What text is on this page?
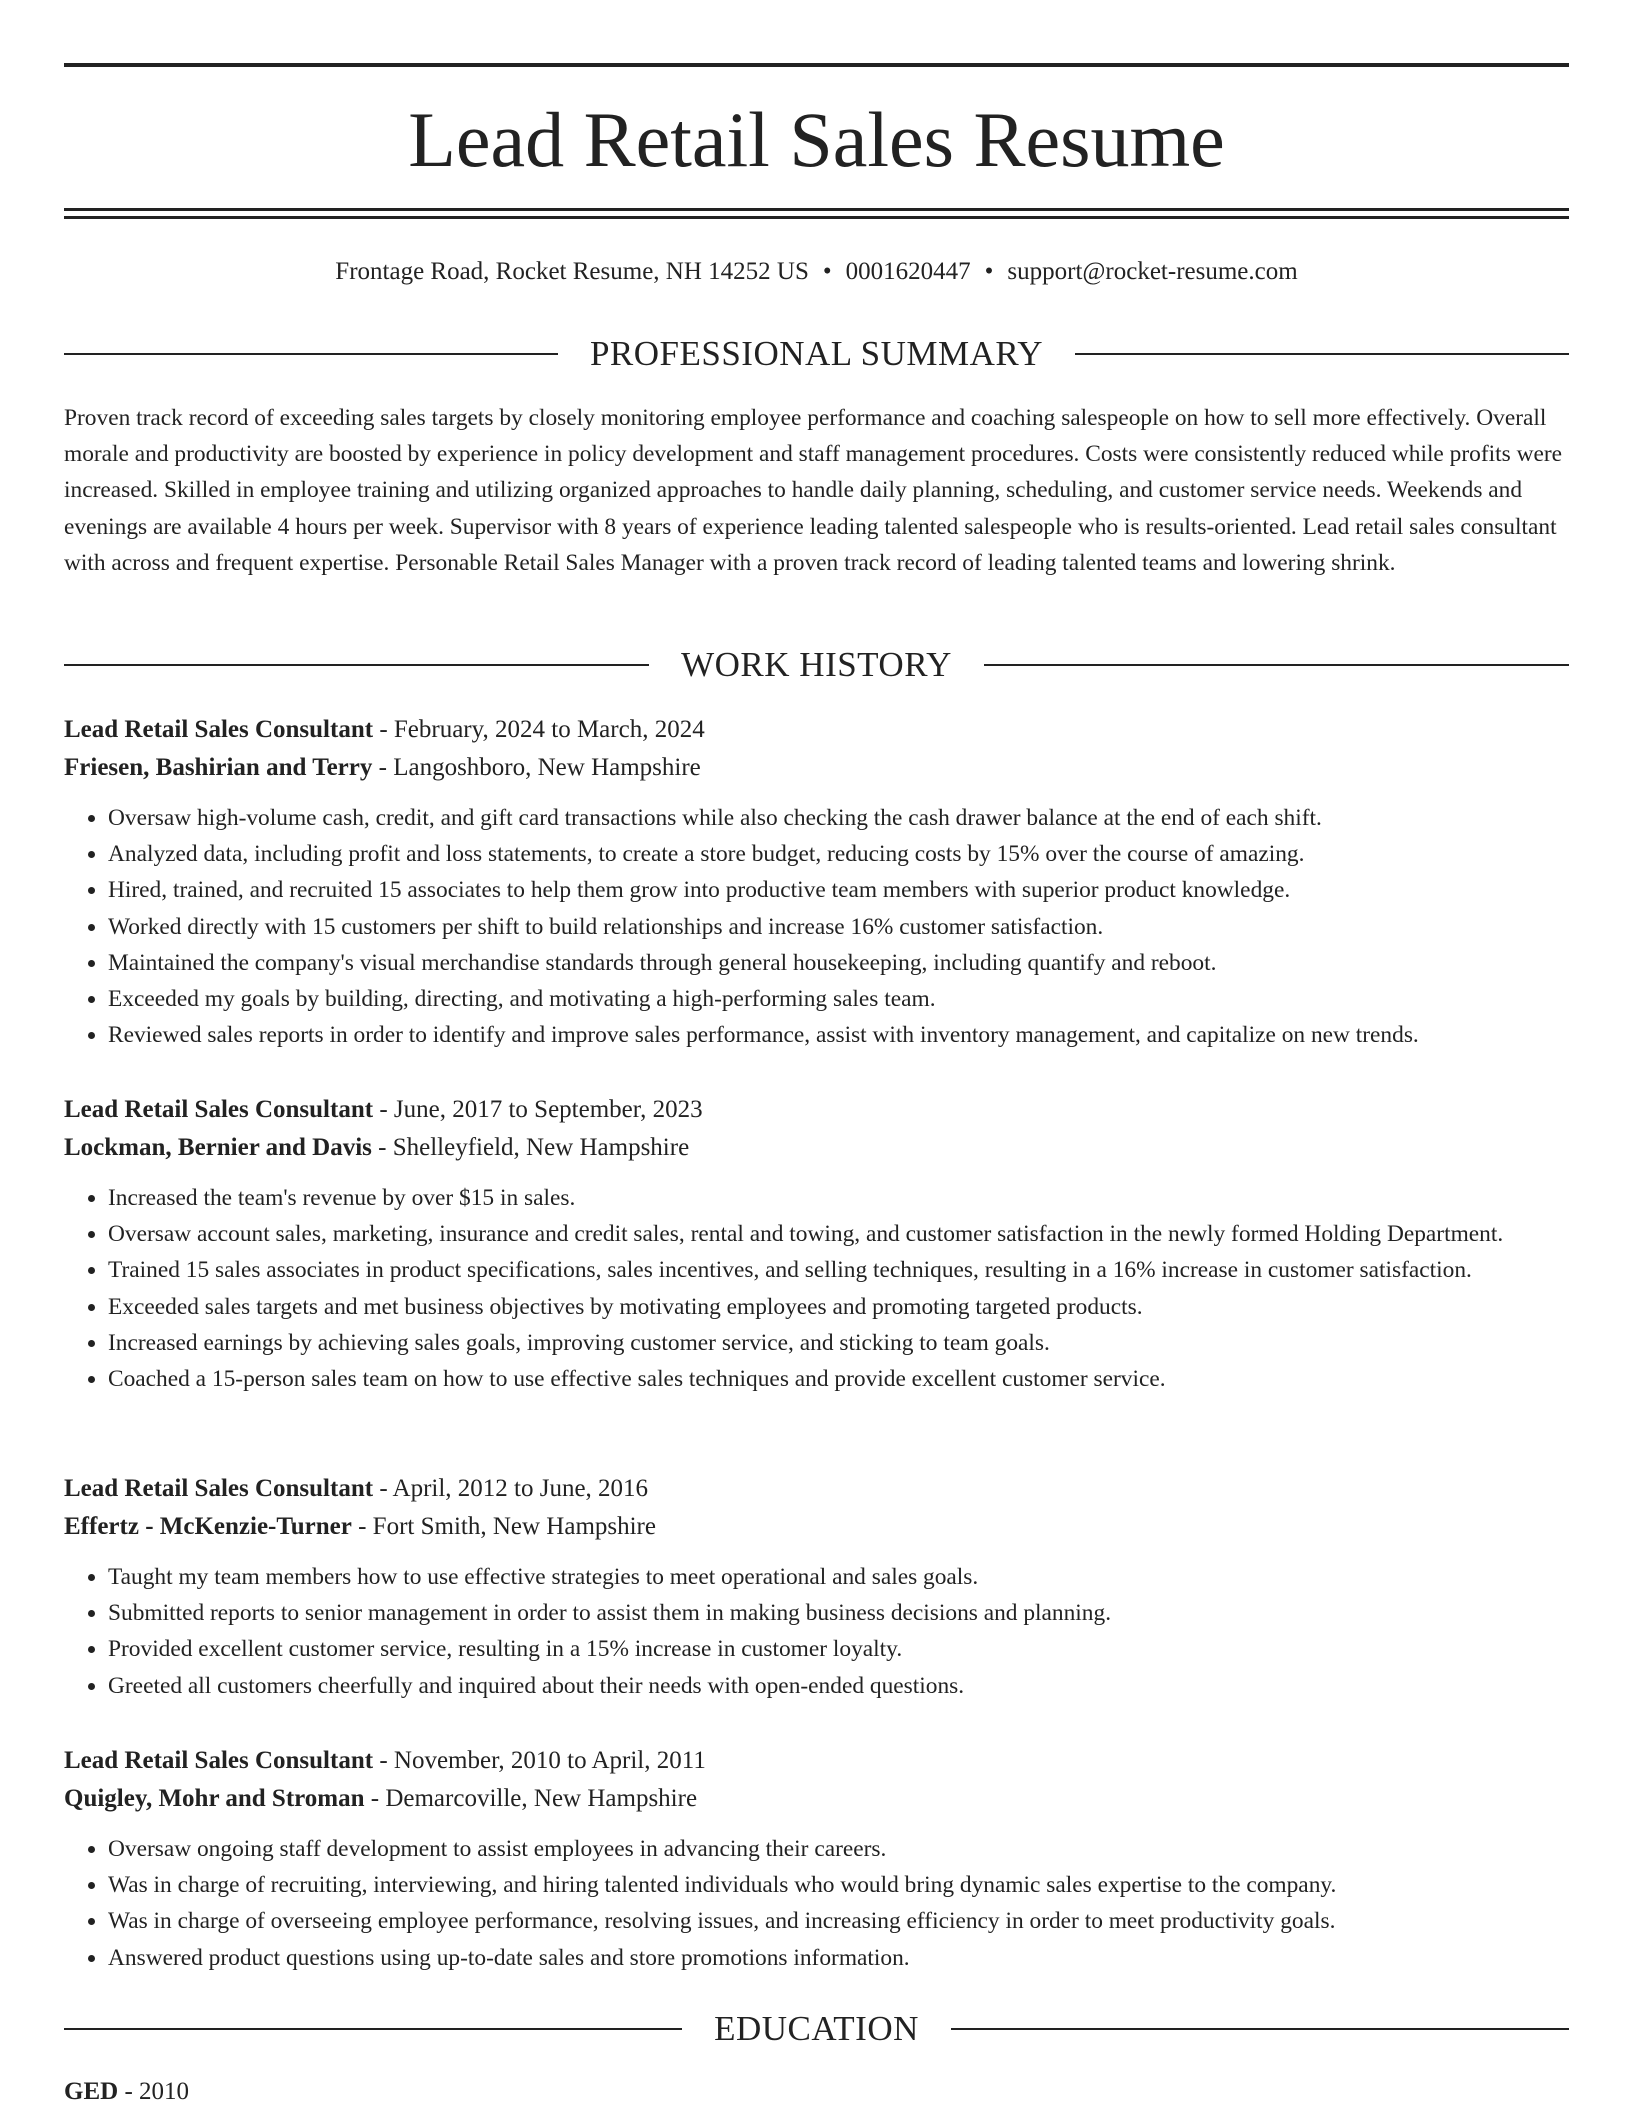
Lead Retail Sales Resume
Frontage Road, Rocket Resume, NH 14252 US • 0001620447 • support@rocket-resume.com
PROFESSIONAL SUMMARY

Proven track record of exceeding sales targets by closely monitoring employee performance and coaching salespeople on how to sell more effectively. Overall morale and productivity are boosted by experience in policy development and staff management procedures. Costs were consistently reduced while profits were increased. Skilled in employee training and utilizing organized approaches to handle daily planning, scheduling, and customer service needs. Weekends and evenings are available 4 hours per week. Supervisor with 8 years of experience leading talented salespeople who is results-oriented. Lead retail sales consultant with across and frequent expertise. Personable Retail Sales Manager with a proven track record of leading talented teams and lowering shrink.

WORK HISTORY
Lead Retail Sales Consultant - February, 2024 to March, 2024
Friesen, Bashirian and Terry - Langoshboro, New Hampshire
• Oversaw high-volume cash, credit, and gift card transactions while also checking the cash drawer balance at the end of each shift.
• Analyzed data, including profit and loss statements, to create a store budget, reducing costs by 15% over the course of amazing.
• Hired, trained, and recruited 15 associates to help them grow into productive team members with superior product knowledge.
• Worked directly with 15 customers per shift to build relationships and increase 16% customer satisfaction.
• Maintained the company's visual merchandise standards through general housekeeping, including quantify and reboot.
• Exceeded my goals by building, directing, and motivating a high-performing sales team.
• Reviewed sales reports in order to identify and improve sales performance, assist with inventory management, and capitalize on new trends.
Lead Retail Sales Consultant - June, 2017 to September, 2023
Lockman, Bernier and Davis - Shelleyfield, New Hampshire
• Increased the team's revenue by over $15 in sales.
• Oversaw account sales, marketing, insurance and credit sales, rental and towing, and customer satisfaction in the newly formed Holding Department.
• Trained 15 sales associates in product specifications, sales incentives, and selling techniques, resulting in a 16% increase in customer satisfaction.
• Exceeded sales targets and met business objectives by motivating employees and promoting targeted products.
• Increased earnings by achieving sales goals, improving customer service, and sticking to team goals.
• Coached a 15-person sales team on how to use effective sales techniques and provide excellent customer service.
Lead Retail Sales Consultant - April, 2012 to June, 2016
Effertz - McKenzie-Turner - Fort Smith, New Hampshire
• Taught my team members how to use effective strategies to meet operational and sales goals.
• Submitted reports to senior management in order to assist them in making business decisions and planning.
• Provided excellent customer service, resulting in a 15% increase in customer loyalty.
• Greeted all customers cheerfully and inquired about their needs with open-ended questions.
Lead Retail Sales Consultant - November, 2010 to April, 2011
Quigley, Mohr and Stroman - Demarcoville, New Hampshire
• Oversaw ongoing staff development to assist employees in advancing their careers.
• Was in charge of recruiting, interviewing, and hiring talented individuals who would bring dynamic sales expertise to the company.
• Was in charge of overseeing employee performance, resolving issues, and increasing efficiency in order to meet productivity goals.
• Answered product questions using up-to-date sales and store promotions information.
EDUCATION
GED - 2010
